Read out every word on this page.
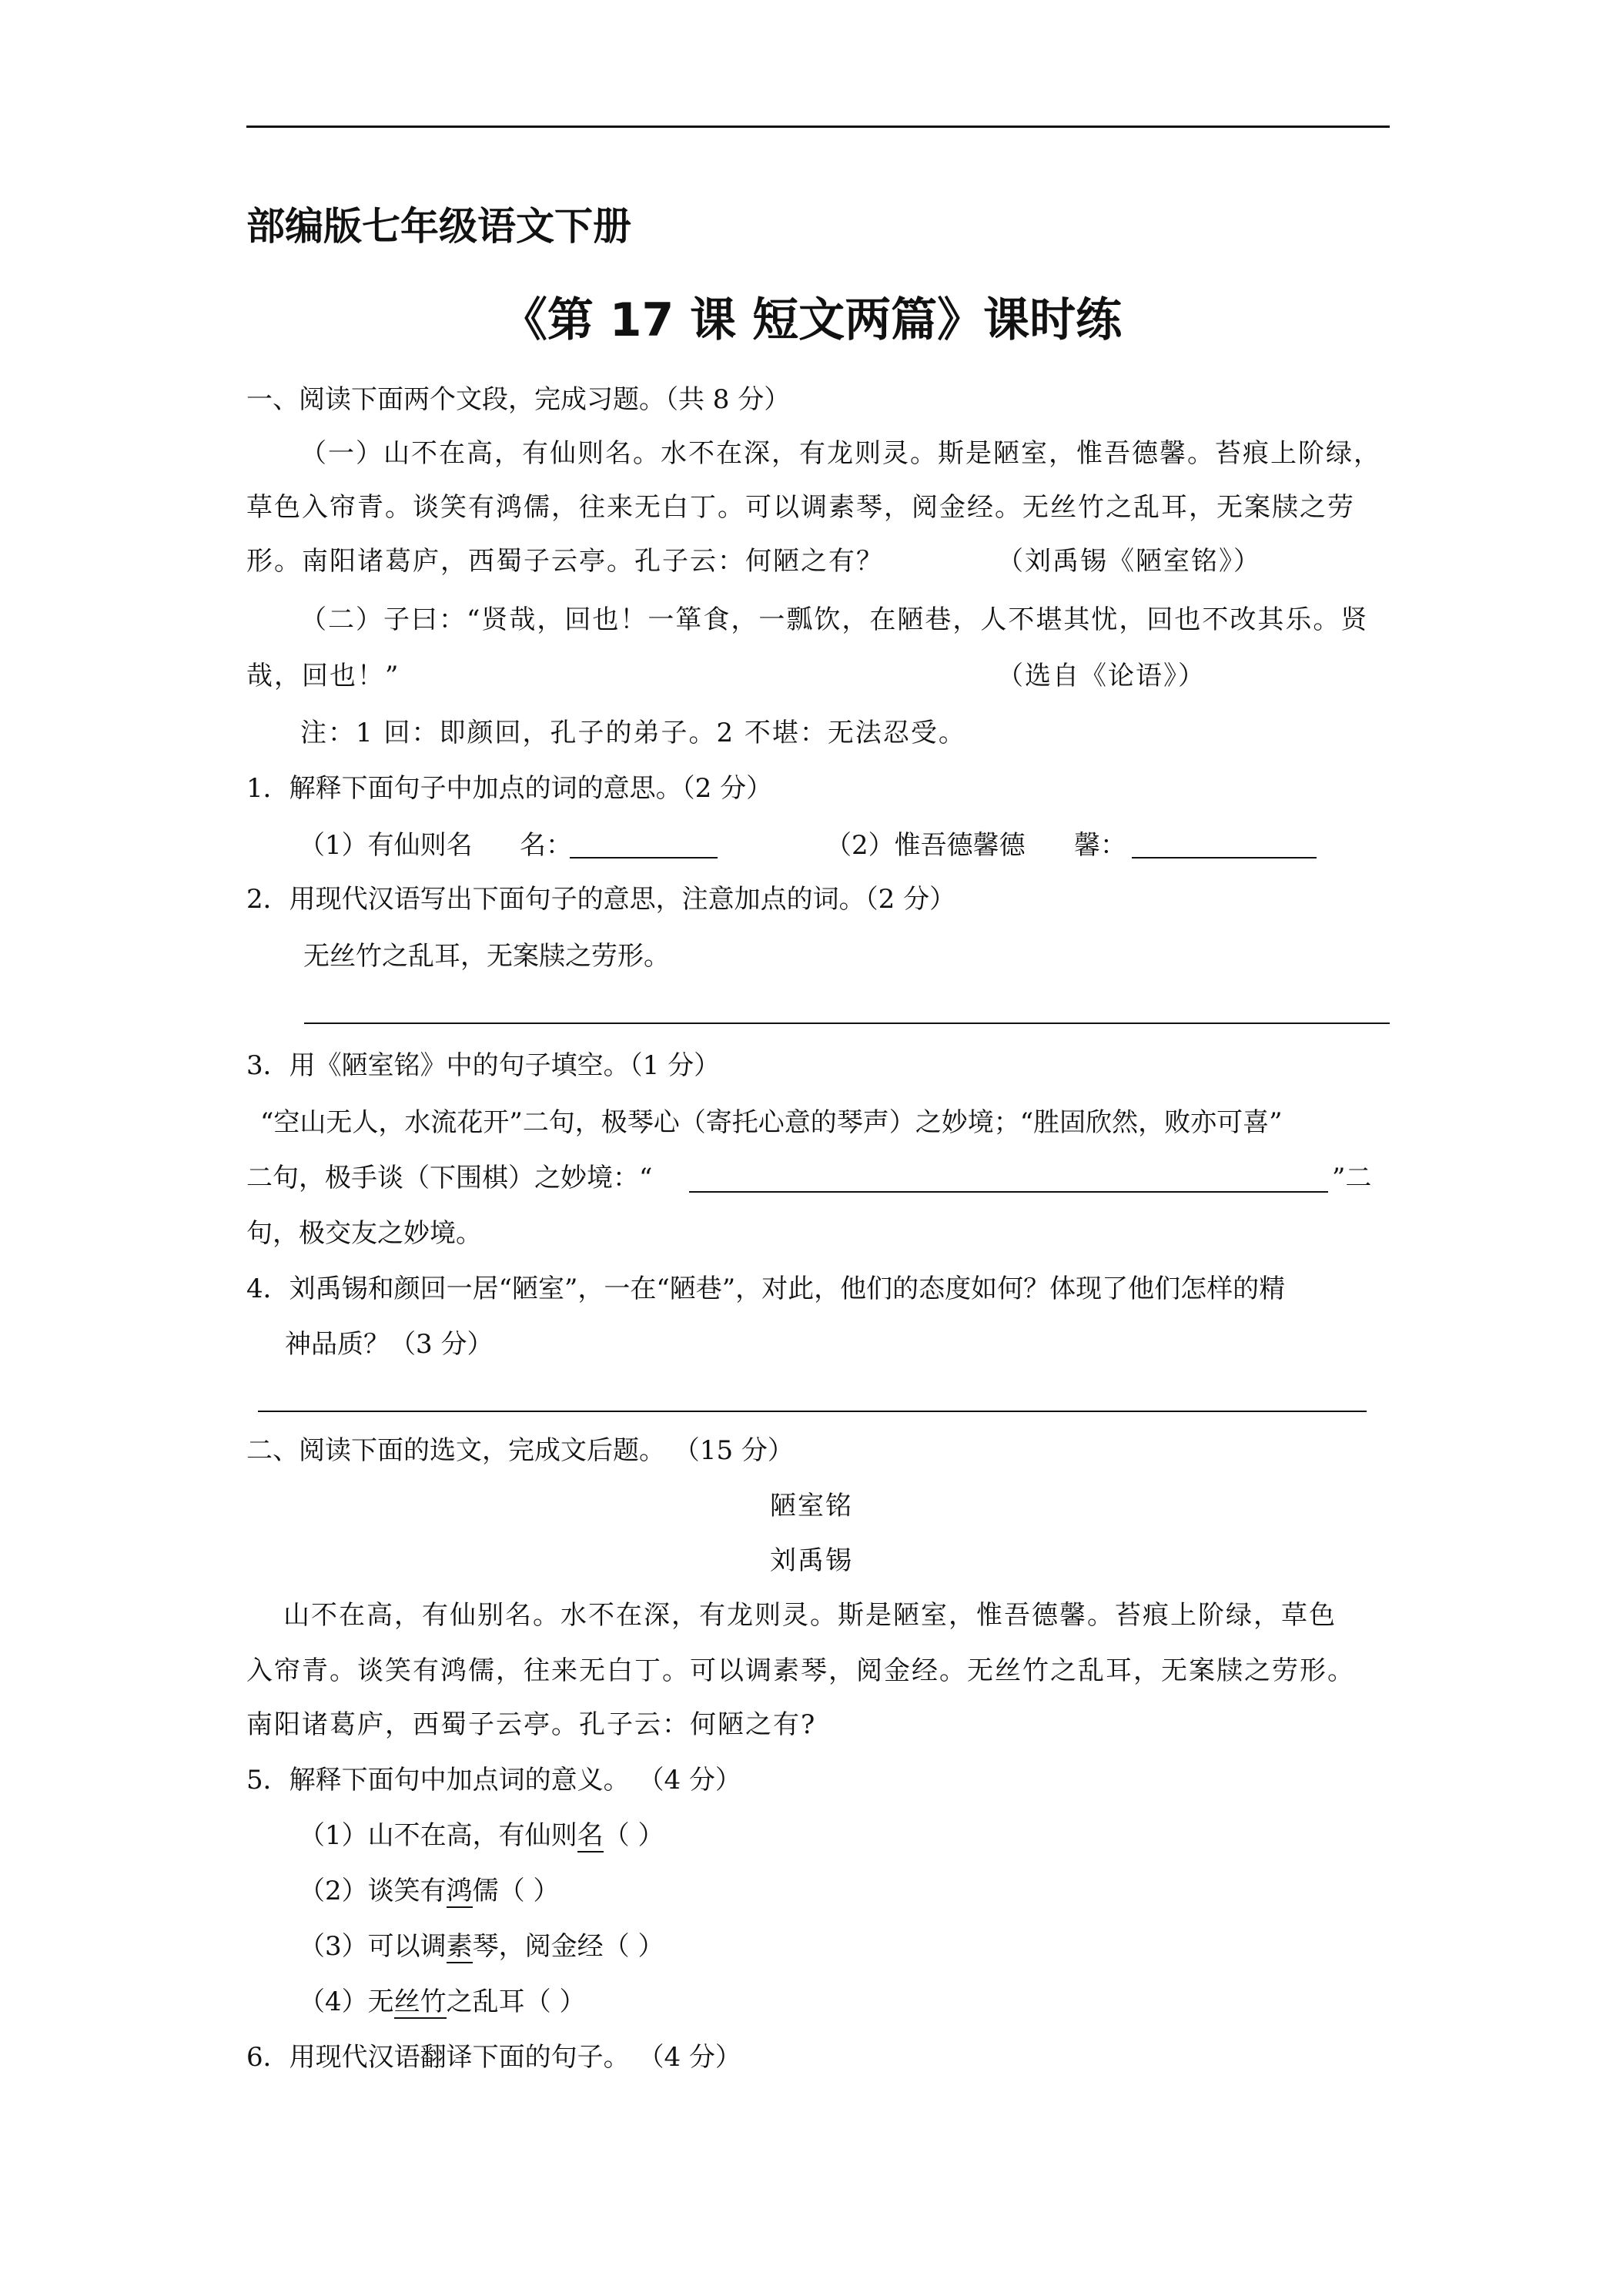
部编版七年级语文下册
《第 17 课 短文两篇》课时练
一、阅读下面两个文段，完成习题。（共 8 分）
（一）山不在高，有仙则名。水不在深，有龙则灵。斯是陋室，惟吾德馨。苔痕上阶绿，
草色入帘青。谈笑有鸿儒，往来无白丁。可以调素琴，阅金经。无丝竹之乱耳，无案牍之劳
形。南阳诸葛庐，西蜀子云亭。孔子云：何陋之有？	（刘禹锡《陋室铭》）
（二）子曰：“贤哉，回也！一箪食，一瓢饮，在陋巷，人不堪其忧，回也不改其乐。贤
哉，回也！”	（选自《论语》）
注：1 回：即颜回，孔子的弟子。2 不堪：无法忍受。
1．解释下面句子中加点的词的意思。（2 分）
（1）有仙则名 名：	（2）惟吾德馨德 馨：
2．用现代汉语写出下面句子的意思，注意加点的词。（2 分）
无丝竹之乱耳，无案牍之劳形。
3．用《陋室铭》中的句子填空。（1 分）
“空山无人，水流花开”二句，极琴心（寄托心意的琴声）之妙境；“胜固欣然，败亦可喜”
二句，极手谈（下围棋）之妙境：“	”二
句，极交友之妙境。
4．刘禹锡和颜回一居“陋室”，一在“陋巷”，对此，他们的态度如何？体现了他们怎样的精
神品质？（3 分）
二、阅读下面的选文，完成文后题。 （15 分）
陋室铭
刘禹锡
山不在高，有仙别名。水不在深，有龙则灵。斯是陋室，惟吾德馨。苔痕上阶绿，草色
入帘青。谈笑有鸿儒，往来无白丁。可以调素琴，阅金经。无丝竹之乱耳，无案牍之劳形。
南阳诸葛庐，西蜀子云亭。孔子云：何陋之有?
5．解释下面句中加点词的意义。 （4 分）
（1）山不在高，有仙则名（ ）
（2）谈笑有鸿儒（ ）
（3）可以调素琴，阅金经（ ）
（4）无丝竹之乱耳（ ）
6．用现代汉语翻译下面的句子。 （4 分）
